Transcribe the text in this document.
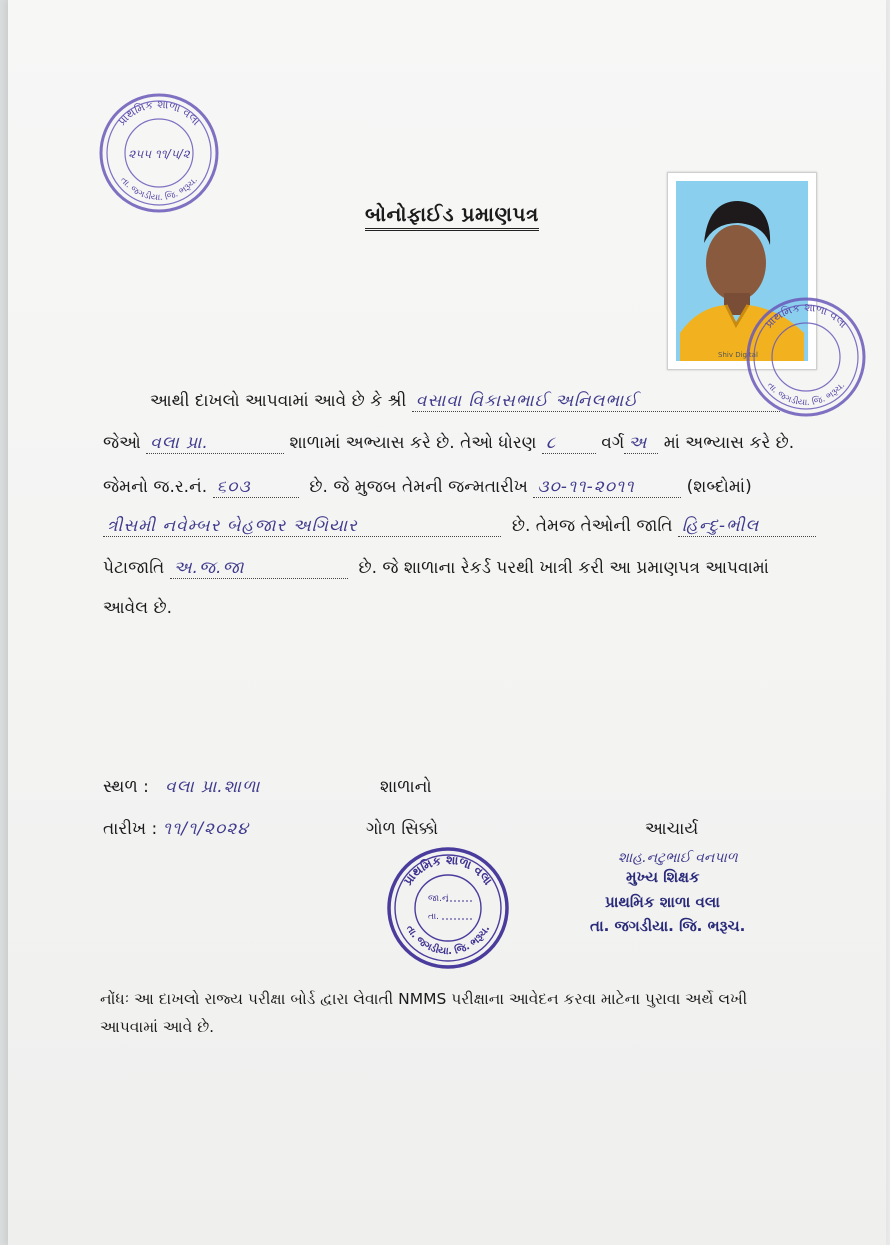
પ્રાથમિક શાળા વલા
તા. જગડીયા. જિ. ભરૂચ.
૨૫૫ ૧૧/૫/૨
બોનોફાઈડ પ્રમાણપત્ર
Shiv Digital
પ્રાથમિક શાળા વલા
તા. જગડીયા. જિ. ભરૂચ.
આથી દાખલો આપવામાં આવે છે કે શ્રી વસાવા વિકાસભાઈ અનિલભાઈ
જેઓ વલા પ્રા.	શાળામાં અભ્યાસ કરે છે. તેઓ ધોરણ ૮	વર્ગ અ માં અભ્યાસ કરે છે.
જેમનો જ.ર.નં. ૬૦૩	છે. જે મુજબ તેમની જન્મતારીખ ૩૦-૧૧-૨૦૧૧	(શબ્દોમાં)
ત્રીસમી નવેમ્બર બેહજાર અગિયાર	છે. તેમજ તેઓની જાતિ હિન્દુ-ભીલ
પેટાજાતિ અ.જ.જા	છે. જે શાળાના રેકર્ડ પરથી ખાત્રી કરી આ પ્રમાણપત્ર આપવામાં
આવેલ છે.
સ્થળ : વલા પ્રા.શાળા	શાળાનો
તારીખ : ૧૧/૧/૨૦૨૪	ગોળ સિક્કો	આચાર્ય
શાહ.નટુભાઈ વનપાળ
મુખ્ય શિક્ષક
પ્રાથમિક શાળા વલા
તા. જગડીયા. જિ. ભરૂચ.
પ્રાથમિક શાળા વલા
તા. જગડીયા. જિ. ભરૂચ.
જા.નં
તા.
નોંધઃ આ દાખલો રાજ્ય પરીક્ષા બોર્ડ દ્વારા લેવાતી NMMS પરીક્ષાના આવેદન કરવા માટેના પુરાવા અર્થે લખી
આપવામાં આવે છે.
